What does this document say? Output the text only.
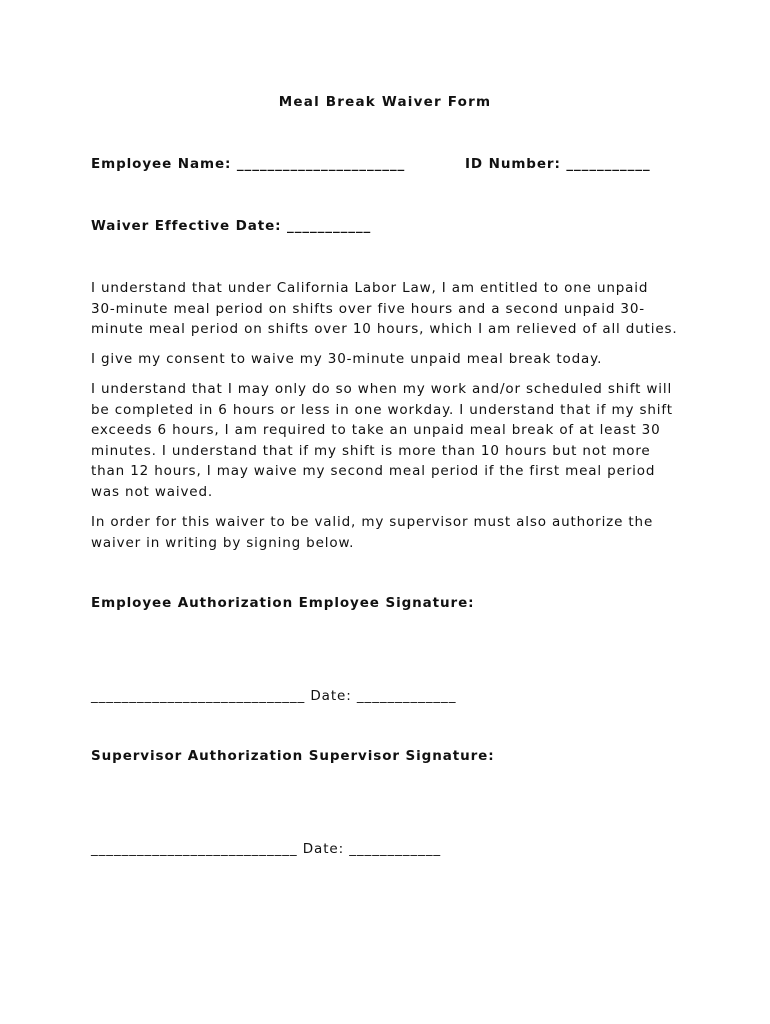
Meal Break Waiver Form
Employee Name: ______________________	ID Number: ___________
Waiver Effective Date: ___________
I understand that under California Labor Law, I am entitled to one unpaid
30-minute meal period on shifts over five hours and a second unpaid 30-
minute meal period on shifts over 10 hours, which I am relieved of all duties.
I give my consent to waive my 30-minute unpaid meal break today.
I understand that I may only do so when my work and/or scheduled shift will
be completed in 6 hours or less in one workday. I understand that if my shift
exceeds 6 hours, I am required to take an unpaid meal break of at least 30
minutes. I understand that if my shift is more than 10 hours but not more
than 12 hours, I may waive my second meal period if the first meal period
was not waived.
In order for this waiver to be valid, my supervisor must also authorize the
waiver in writing by signing below.
Employee Authorization Employee Signature:
____________________________ Date: _____________
Supervisor Authorization Supervisor Signature:
___________________________ Date: ____________
